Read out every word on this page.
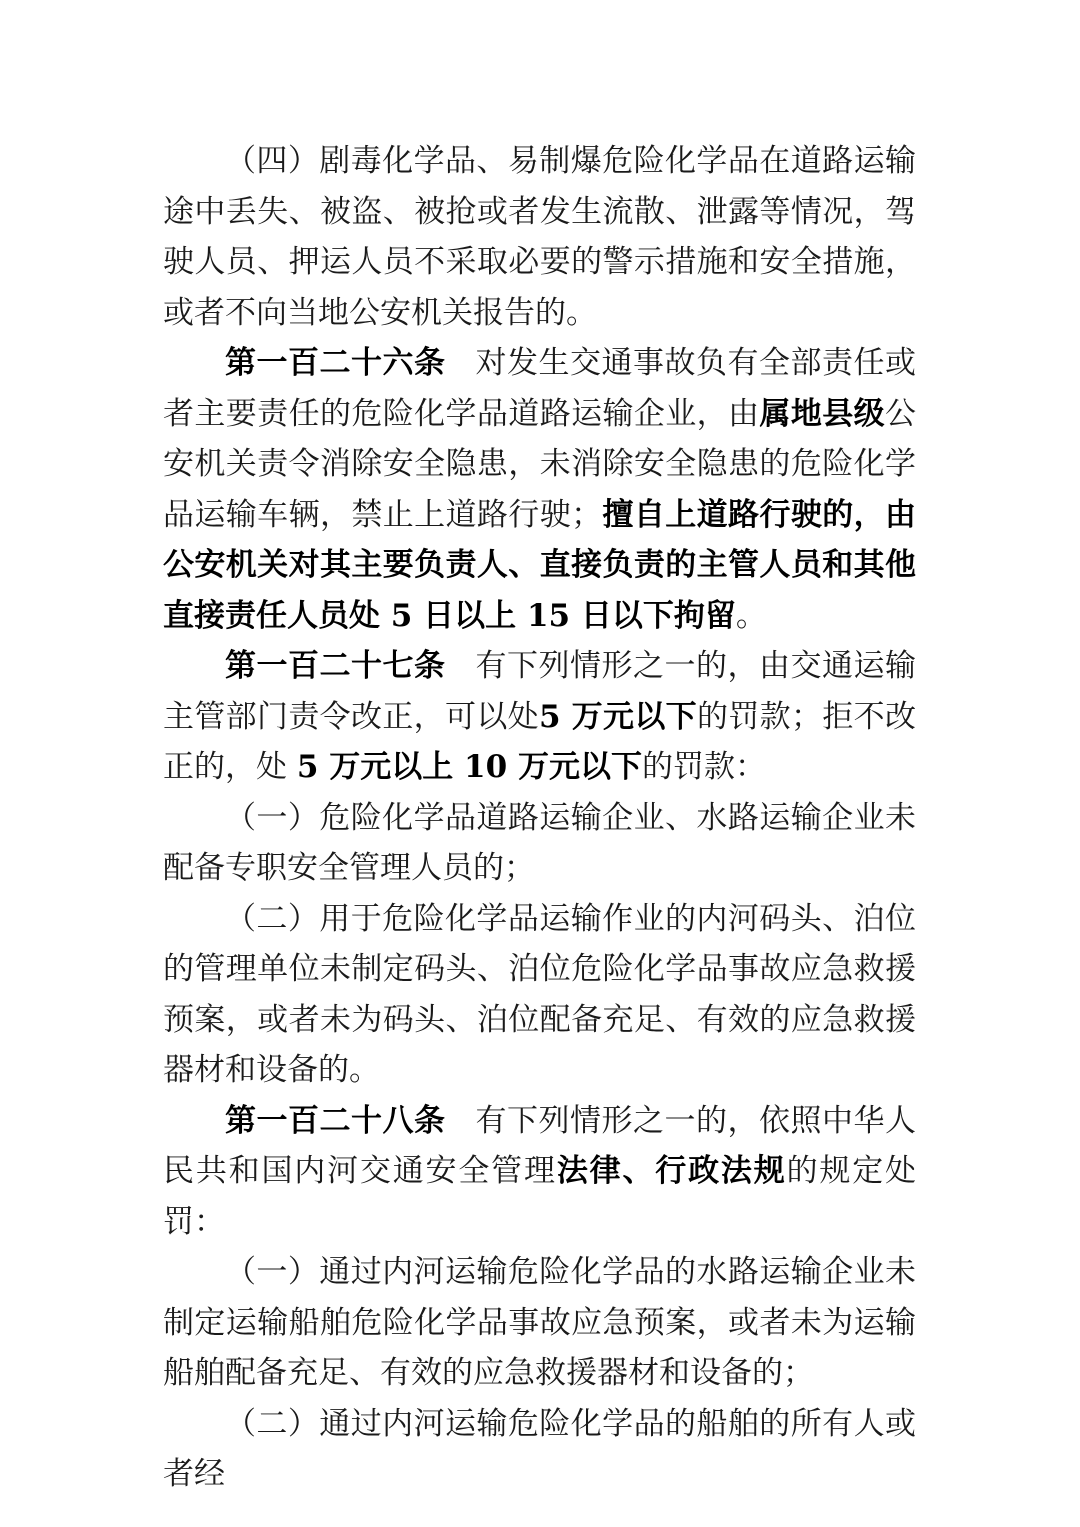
（四）剧毒化学品、易制爆危险化学品在道路运输途中丢失、被盗、被抢或者发生流散、泄露等情况，驾驶人员、押运人员不采取必要的警示措施和安全措施，或者不向当地公安机关报告的。

第一百二十六条 对发生交通事故负有全部责任或者主要责任的危险化学品道路运输企业，由属地县级公安机关责令消除安全隐患，未消除安全隐患的危险化学品运输车辆，禁止上道路行驶；擅自上道路行驶的，由公安机关对其主要负责人、直接负责的主管人员和其他直接责任人员处 5 日以上 15 日以下拘留。

第一百二十七条 有下列情形之一的，由交通运输主管部门责令改正，可以处5 万元以下的罚款；拒不改正的，处 5 万元以上 10 万元以下的罚款：

（一）危险化学品道路运输企业、水路运输企业未配备专职安全管理人员的；

（二）用于危险化学品运输作业的内河码头、泊位的管理单位未制定码头、泊位危险化学品事故应急救援预案，或者未为码头、泊位配备充足、有效的应急救援器材和设备的。

第一百二十八条 有下列情形之一的，依照中华人民共和国内河交通安全管理法律、行政法规的规定处罚：

（一）通过内河运输危险化学品的水路运输企业未制定运输船舶危险化学品事故应急预案，或者未为运输船舶配备充足、有效的应急救援器材和设备的；

（二）通过内河运输危险化学品的船舶的所有人或者经
